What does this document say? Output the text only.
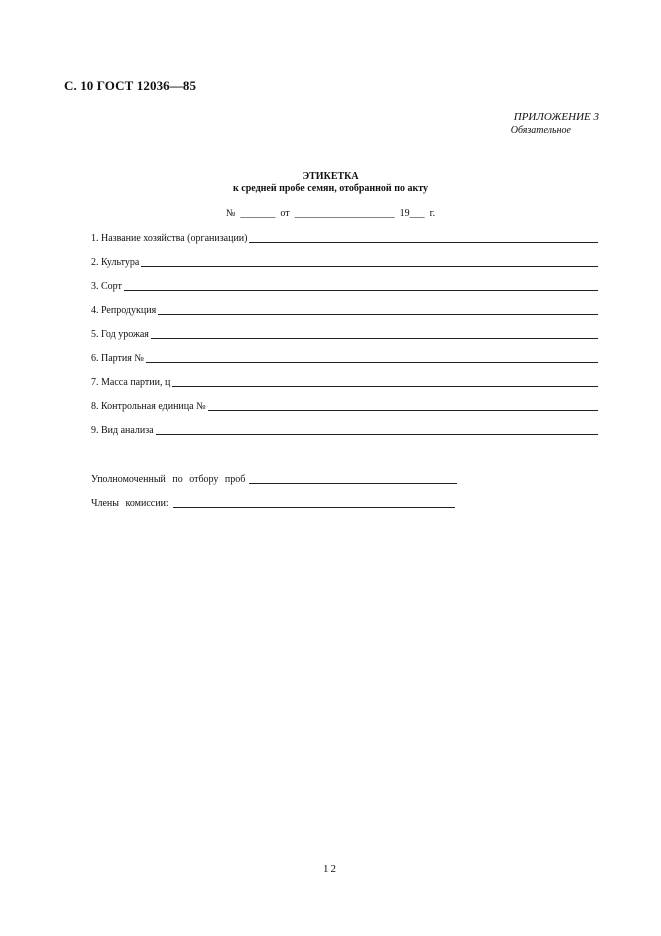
С. 10 ГОСТ 12036—85
ПРИЛОЖЕНИЕ 3
Обязательное
ЭТИКЕТКА
к средней пробе семян, отобранной по акту
№  _______  от  ____________________  19___  г.
1. Название хозяйства (организации)
2. Культура
3. Сорт
4. Репродукция
5. Год урожая
6. Партия №
7. Масса партии, ц
8. Контрольная единица №
9. Вид анализа
Уполномоченный по отбору проб
Члены комиссии:
12
